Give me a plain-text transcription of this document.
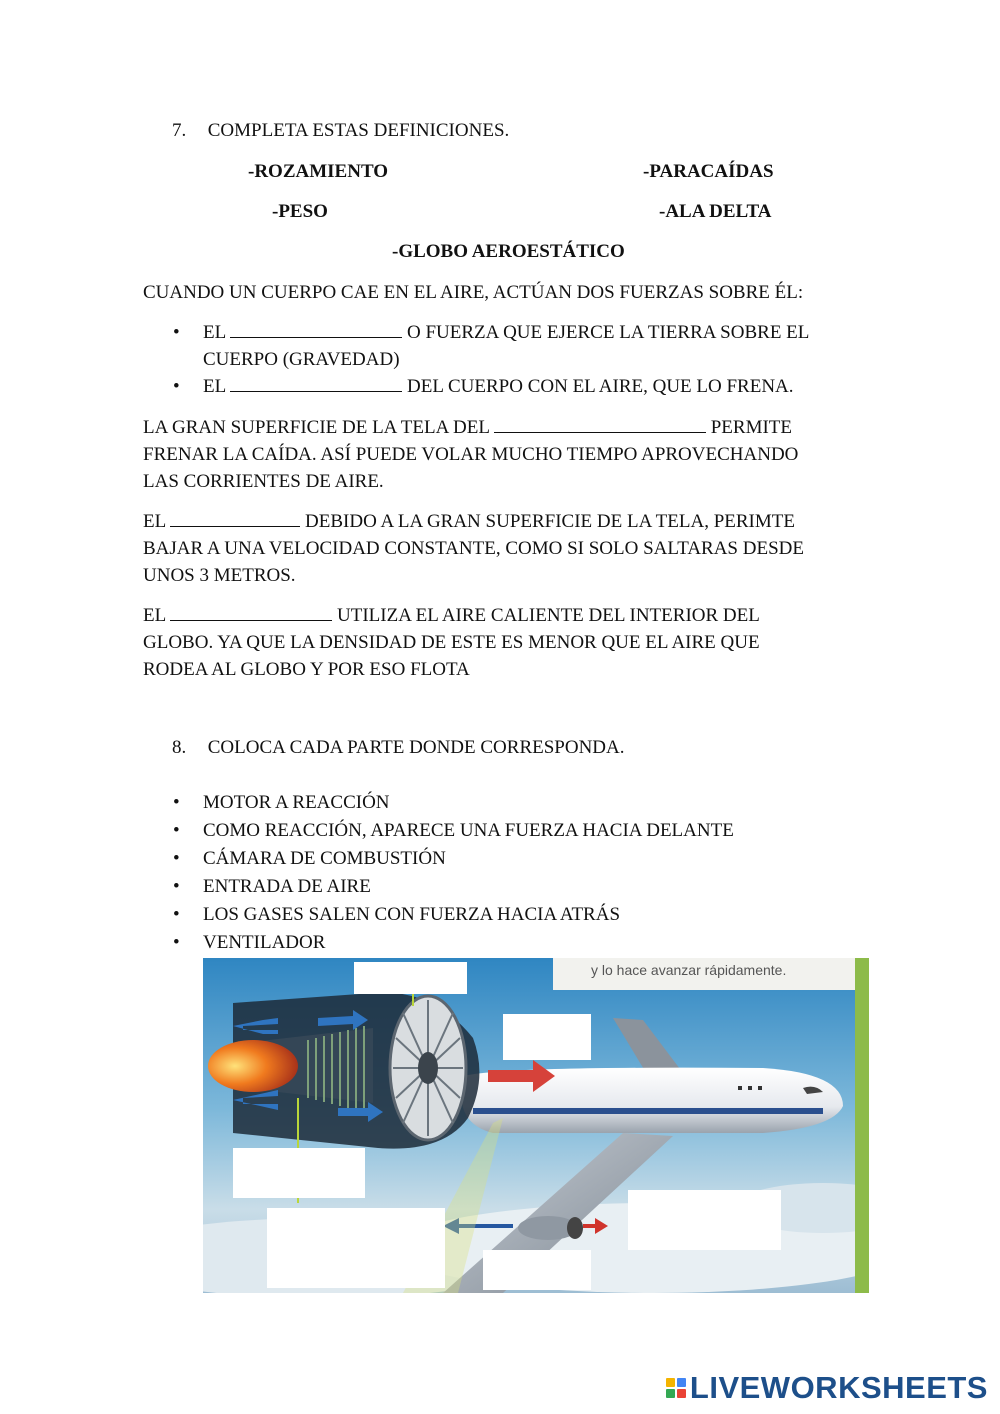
7. COMPLETA ESTAS DEFINICIONES.
-ROZAMIENTO	-PARACAÍDAS
-PESO	-ALA DELTA
-GLOBO AEROESTÁTICO
CUANDO UN CUERPO CAE EN EL AIRE, ACTÚAN DOS FUERZAS SOBRE ÉL:
• EL	O FUERZA QUE EJERCE LA TIERRA SOBRE EL
CUERPO (GRAVEDAD)
• EL	DEL CUERPO CON EL AIRE, QUE LO FRENA.
LA GRAN SUPERFICIE DE LA TELA DEL	PERMITE
FRENAR LA CAÍDA. ASÍ PUEDE VOLAR MUCHO TIEMPO APROVECHANDO
LAS CORRIENTES DE AIRE.
EL	DEBIDO A LA GRAN SUPERFICIE DE LA TELA, PERIMTE
BAJAR A UNA VELOCIDAD CONSTANTE, COMO SI SOLO SALTARAS DESDE
UNOS 3 METROS.
EL	UTILIZA EL AIRE CALIENTE DEL INTERIOR DEL
GLOBO. YA QUE LA DENSIDAD DE ESTE ES MENOR QUE EL AIRE QUE
RODEA AL GLOBO Y POR ESO FLOTA
8. COLOCA CADA PARTE DONDE CORRESPONDA.
• MOTOR A REACCIÓN
• COMO REACCIÓN, APARECE UNA FUERZA HACIA DELANTE
• CÁMARA DE COMBUSTIÓN
• ENTRADA DE AIRE
• LOS GASES SALEN CON FUERZA HACIA ATRÁS
• VENTILADOR
y lo hace avanzar rápidamente.
LIVEWORKSHEETS
